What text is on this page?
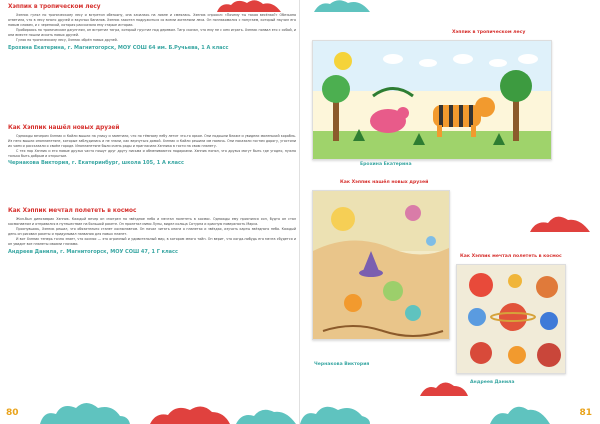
Хэппик в тропическом лесу

Хэппик гулял по тропическому лесу и встретил обезьяну, она качалась на лиане и смеялась. Хэппик спросил: «Почему ты такая весёлая?» Обезьяна ответила, что в лесу много друзей и вкусных бананов. Хэппик захотел подружиться со всеми жителями леса. Он познакомился с попугаем, который научил его новым словам, и с черепахой, которая рассказала ему старые истории.

Пробираясь по тропическим джунглям, он встретил тигра, который грустил под деревом. Тигр сказал, что ему не с кем играть. Хэппик позвал его с собой, и они вместе пошли искать новых друзей.

Гуляя по тропическому лесу, Хэппик обрёл новых друзей.

Ерохина Екатерина, г. Магнитогорск, МОУ СОШ 64 им. Б.Ручьева, 1 А класс
Как Хэппик нашёл новых друзей

Однажды вечером Хэппик и Кайли вышли на улицу и заметили, что по тёмному небу летит что-то яркое. Они подошли ближе и увидели маленький корабль. Из него вышли инопланетяне, которые заблудились и не знали, как вернуться домой. Хэппик и Кайли решили им помочь. Они показали гостям дорогу, угостили их чаем и рассказали о своём городе. Инопланетяне были очень рады и пригласили Хэппика в гости на свою планету.

С тех пор Хэппик и его новые друзья часто пишут друг другу письма и обмениваются подарками. Хэппик понял, что друзья могут быть где угодно, нужно только быть добрым и открытым.

Чернакова Виктория, г. Екатеринбург, школа 105, 1 А класс
Как Хэппик мечтал полететь в космос

Жил-был динозаврик Хэппик. Каждый вечер он смотрел на звёздное небо и мечтал полететь в космос. Однажды ему приснился сон, будто он стал космонавтом и отправился в путешествие на большой ракете. Он пролетал мимо Луны, видел кольца Сатурна и красную поверхность Марса.

Проснувшись, Хэппик решил, что обязательно станет космонавтом. Он начал читать книги о планетах и звёздах, изучать карты звёздного неба. Каждый день он рисовал ракеты и придумывал названия для новых планет.

И вот Хэппик теперь точно знает, что космос — это огромный и удивительный мир, в котором много тайн. Он верит, что когда-нибудь его мечта сбудется и он увидит все планеты своими глазами.

Андреев Данила, г. Магнитогорск, МОУ СОШ 47, 1 Г класс
80
Хэппик в тропическом лесу
Ерохина Екатерина
Как Хэппик нашёл новых друзей
Чернакова Виктория
Как Хэппик мечтал полететь в космос
Андреев Данила
81
